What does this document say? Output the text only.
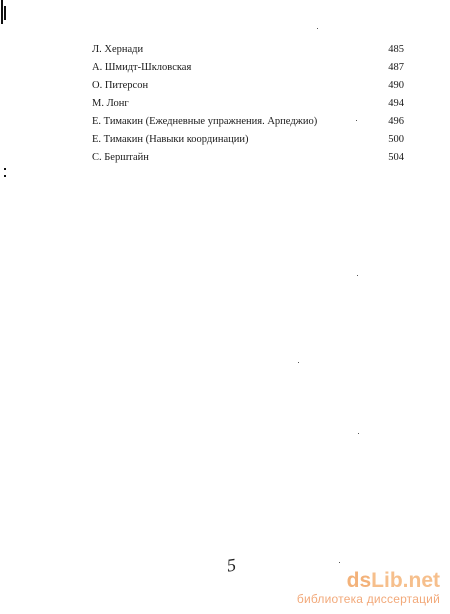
Л. Хернади	485
А. Шмидт-Шкловская	487
О. Питерсон	490
М. Лонг	494
Е. Тимакин (Ежедневные упражнения. Арпеджио)	496
Е. Тимакин (Навыки координации)	500
С. Берштайн	504
5
dsLib.net
библиотека диссертаций
